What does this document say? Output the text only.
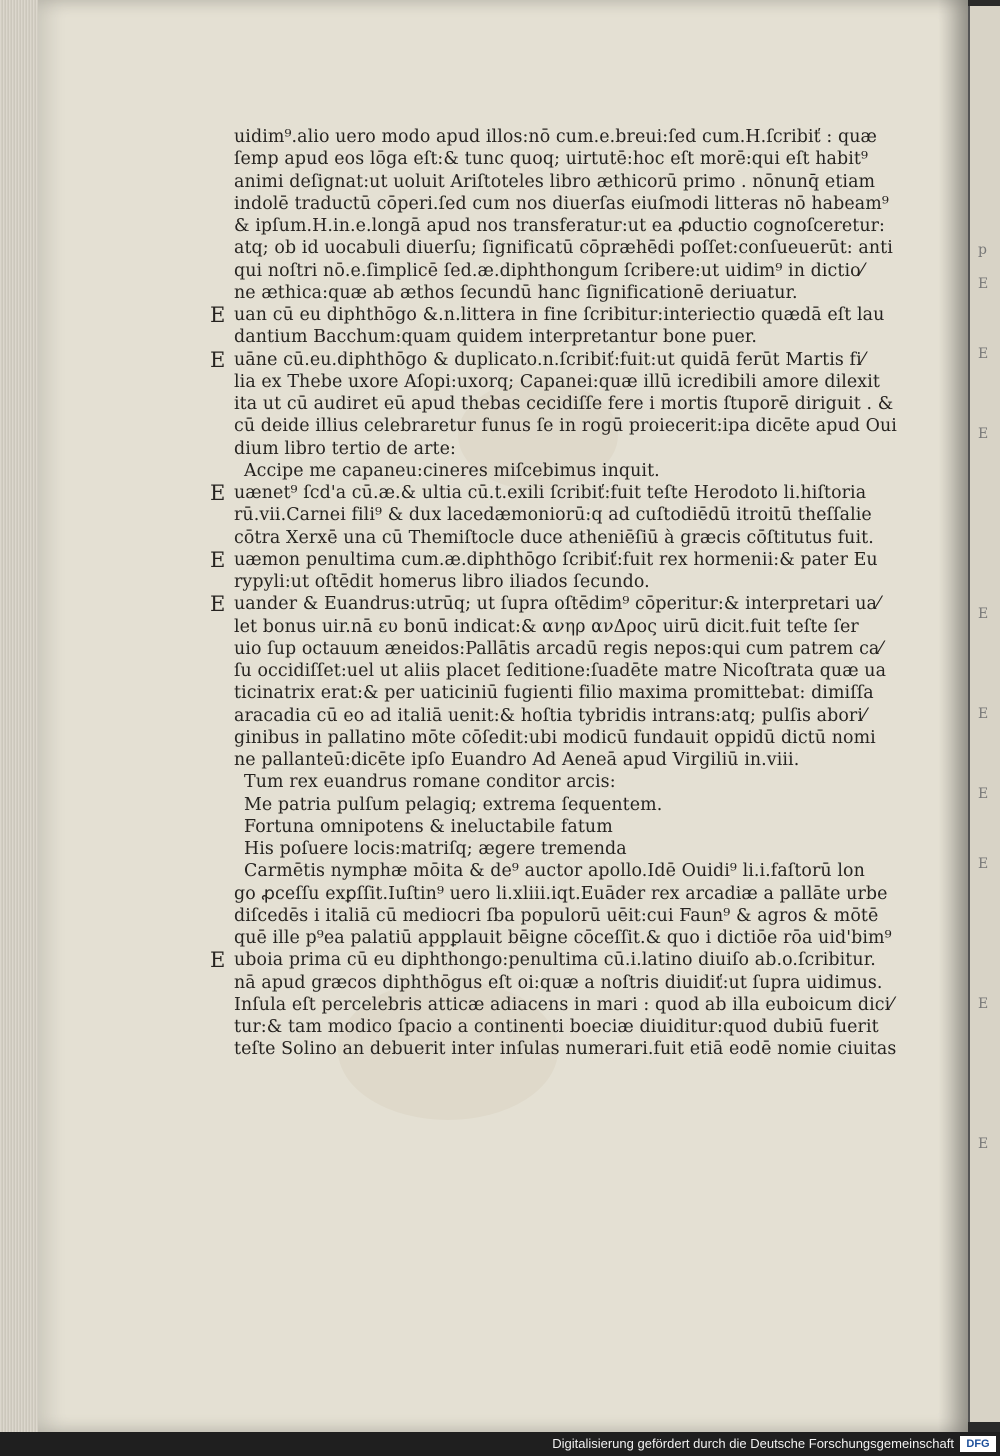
p
E
E
E
E
E
E
E
E
E
uidim⁹.alio uero modo apud illos:nō cum.e.breui:ſed cum.H.ſcribiť : quæ
ſemp apud eos lōga eſt:& tunc quoq; uirtutē:hoc eſt morē:qui eſt habit⁹
animi deſignat:ut uoluit Ariſtoteles libro æthicorū primo . nōnunq̄ etiam
indolē traductū cōperi.ſed cum nos diuerſas eiuſmodi litteras nō habeam⁹
& ipſum.H.in.e.longā apud nos transferatur:ut ea ꝓductio cognoſceretur:
atq; ob id uocabuli diuerſu; ſignificatū cōpræhēdi poſſet:conſueuerūt: anti
qui noſtri nō.e.ſimplicē ſed.æ.diphthongum ſcribere:ut uidim⁹ in dictio⁄
ne æthica:quæ ab æthos ſecundū hanc ſignificationē deriuatur.
E uan cū eu diphthōgo &.n.littera in fine ſcribitur:interiectio quædā eſt lau
dantium Bacchum:quam quidem interpretantur bone puer.
E uāne cū.eu.diphthōgo & duplicato.n.ſcribiť:fuit:ut quidā ferūt Martis fi⁄
lia ex Thebe uxore Aſopi:uxorq; Capanei:quæ illū icredibili amore dilexit
ita ut cū audiret eū apud thebas cecidiſſe fere i mortis ſtuporē diriguit . &
cū deide illius celebraretur funus ſe in rogū proiecerit:ipa dicēte apud Oui
dium libro tertio de arte:
Accipe me capaneu:cineres miſcebimus inquit.
E uænet⁹ ſcd'a cū.æ.& ultia cū.t.exili ſcribiť:fuit teſte Herodoto li.hiſtoria
rū.vii.Carnei fili⁹ & dux lacedæmoniorū:q ad cuſtodiēdū itroitū theſſalie
cōtra Xerxē una cū Themiſtocle duce atheniēſiū à græcis cōſtitutus fuit.
E uæmon penultima cum.æ.diphthōgo ſcribiť:fuit rex hormenii:& pater Eu
rypyli:ut oſtēdit homerus libro iliados ſecundo.
E uander & Euandrus:utrūq; ut ſupra oſtēdim⁹ cōperitur:& interpretari ua⁄
let bonus uir.nā ευ bonū indicat:& ανηρ ανΔρος uirū dicit.fuit teſte ſer
uio ſup octauum æneidos:Pallātis arcadū regis nepos:qui cum patrem ca⁄
ſu occidiſſet:uel ut aliis placet ſeditione:ſuadēte matre Nicoſtrata quæ ua
ticinatrix erat:& per uaticiniū fugienti filio maxima promittebat: dimiſſa
aracadia cū eo ad italiā uenit:& hoſtia tybridis intrans:atq; pulſis abori⁄
ginibus in pallatino mōte cōſedit:ubi modicū fundauit oppidū dictū nomi
ne pallanteū:dicēte ipſo Euandro Ad Aeneā apud Virgiliū in.viii.
Tum rex euandrus romane conditor arcis:
Me patria pulſum pelagiq; extrema ſequentem.
Fortuna omnipotens & ineluctabile fatum
His poſuere locis:matriſq; ægere tremenda
Carmētis nymphæ mōita & de⁹ auctor apollo.Idē Ouidi⁹ li.i.faſtorū lon
go ꝓceſſu exꝑſſit.Iuſtin⁹ uero li.xliii.iqt.Euāder rex arcadiæ a pallāte urbe
diſcedēs i italiā cū mediocri ſba populorū uēit:cui Faun⁹ & agros & mōtē
quē ille p⁹ea palatiū appꝑlauit bēigne cōceſſit.& quo i dictiōe rōa uid'bim⁹
E uboia prima cū eu diphthongo:penultima cū.i.latino diuiſo ab.o.ſcribitur.
nā apud græcos diphthōgus eſt oi:quæ a noſtris diuidiť:ut ſupra uidimus.
Inſula eſt percelebris atticæ adiacens in mari : quod ab illa euboicum dici⁄
tur:& tam modico ſpacio a continenti boeciæ diuiditur:quod dubiū fuerit
teſte Solino an debuerit inter inſulas numerari.fuit etiā eodē nomie ciuitas
Digitalisierung gefördert durch die Deutsche Forschungsgemeinschaft DFG
